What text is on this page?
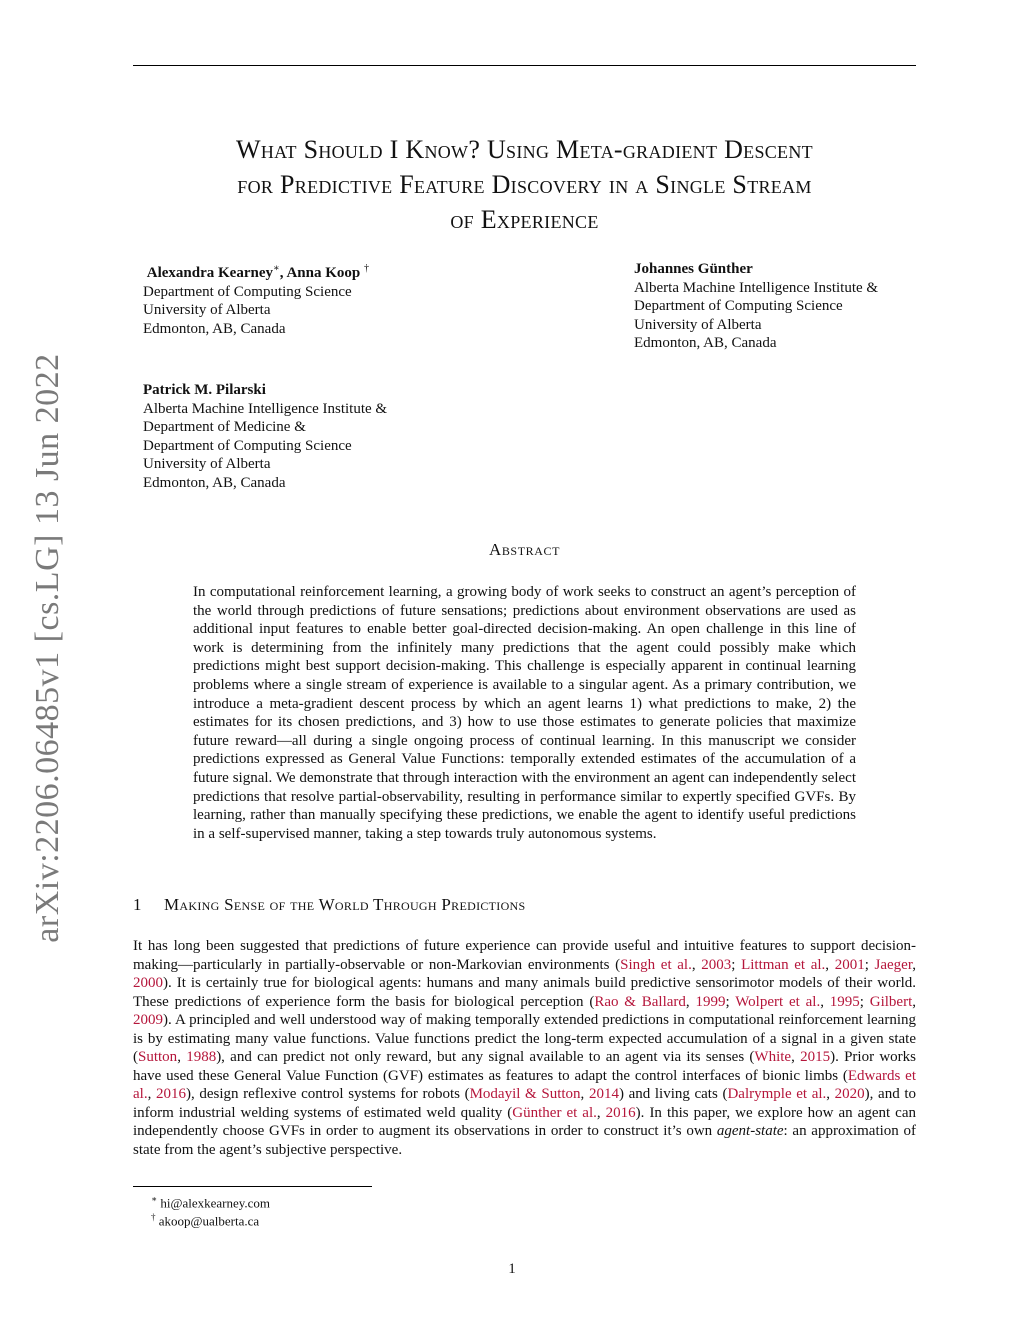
arXiv:2206.06485v1 [cs.LG] 13 Jun 2022
What Should I Know? Using Meta-gradient Descent
for Predictive Feature Discovery in a Single Stream
of Experience
Alexandra Kearney∗, Anna Koop †
Department of Computing Science
University of Alberta
Edmonton, AB, Canada
Johannes Günther
Alberta Machine Intelligence Institute &
Department of Computing Science
University of Alberta
Edmonton, AB, Canada
Patrick M. Pilarski
Alberta Machine Intelligence Institute &
Department of Medicine &
Department of Computing Science
University of Alberta
Edmonton, AB, Canada
Abstract
In computational reinforcement learning, a growing body of work seeks to construct an agent’s perception of the world through predictions of future sensations; predictions about environment observations are used as additional input features to enable better goal-directed decision-making. An open challenge in this line of work is determining from the infinitely many predictions that the agent could possibly make which predictions might best support decision-making. This challenge is especially apparent in continual learning problems where a single stream of experience is available to a singular agent. As a primary contribution, we introduce a meta-gradient descent process by which an agent learns 1) what predictions to make, 2) the estimates for its chosen predictions, and 3) how to use those estimates to generate policies that maximize future reward—all during a single ongoing process of continual learning. In this manuscript we consider predictions expressed as General Value Functions: temporally extended estimates of the accumulation of a future signal. We demonstrate that through interaction with the environment an agent can independently select predictions that resolve partial-observability, resulting in performance similar to expertly specified GVFs. By learning, rather than manually specifying these predictions, we enable the agent to identify useful predictions in a self-supervised manner, taking a step towards truly autonomous systems.
1 Making Sense of the World Through Predictions
It has long been suggested that predictions of future experience can provide useful and intuitive features to support decision-making—particularly in partially-observable or non-Markovian environments (Singh et al., 2003; Littman et al., 2001; Jaeger, 2000). It is certainly true for biological agents: humans and many animals build predictive sensorimotor models of their world. These predictions of experience form the basis for biological perception (Rao & Ballard, 1999; Wolpert et al., 1995; Gilbert, 2009). A principled and well understood way of making temporally extended predictions in computational reinforcement learning is by estimating many value functions. Value functions predict the long-term expected accumulation of a signal in a given state (Sutton, 1988), and can predict not only reward, but any signal available to an agent via its senses (White, 2015). Prior works have used these General Value Function (GVF) estimates as features to adapt the control interfaces of bionic limbs (Edwards et al., 2016), design reflexive control systems for robots (Modayil & Sutton, 2014) and living cats (Dalrymple et al., 2020), and to inform industrial welding systems of estimated weld quality (Günther et al., 2016). In this paper, we explore how an agent can independently choose GVFs in order to augment its observations in order to construct it’s own agent-state: an approximation of state from the agent’s subjective perspective.
∗ hi@alexkearney.com
† akoop@ualberta.ca
1
